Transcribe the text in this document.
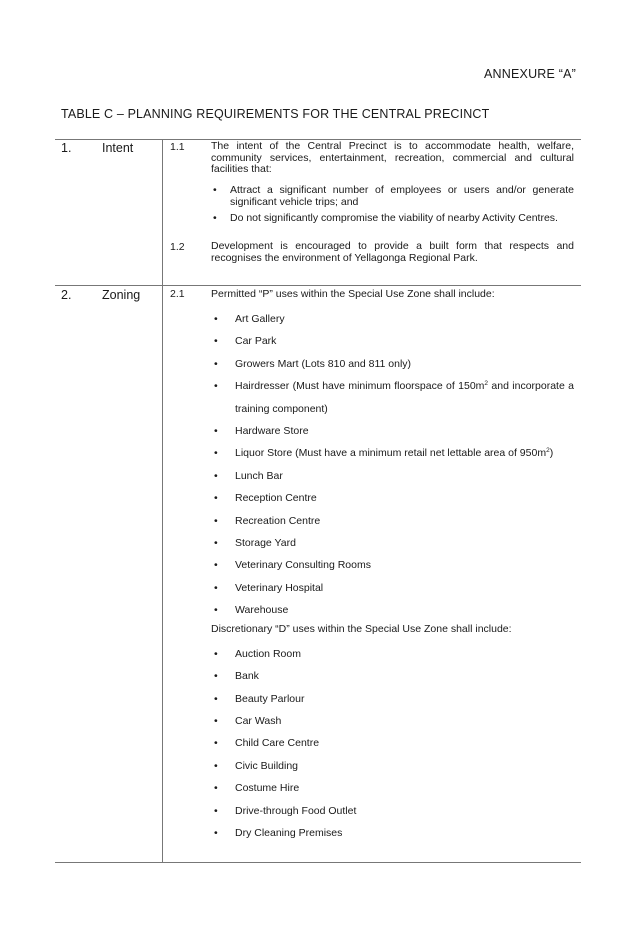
ANNEXURE “A”
TABLE C – PLANNING REQUIREMENTS FOR THE CENTRAL PRECINCT
1. Intent	1.1	The intent of the Central Precinct is to accommodate health, welfare, community services, entertainment, recreation, commercial and cultural facilities that:
• Attract a significant number of employees or users and/or generate significant vehicle trips; and
• Do not significantly compromise the viability of nearby Activity Centres.
1.2	Development is encouraged to provide a built form that respects and recognises the environment of Yellagonga Regional Park.
2. Zoning	2.1	Permitted “P” uses within the Special Use Zone shall include:
• Art Gallery
• Car Park
• Growers Mart (Lots 810 and 811 only)
• Hairdresser (Must have minimum floorspace of $150m^2$ and incorporate a training component)
• Hardware Store
• Liquor Store (Must have a minimum retail net lettable area of $950m^2$)
• Lunch Bar
• Reception Centre
• Recreation Centre
• Storage Yard
• Veterinary Consulting Rooms
• Veterinary Hospital
• Warehouse
Discretionary “D” uses within the Special Use Zone shall include:
• Auction Room
• Bank
• Beauty Parlour
• Car Wash
• Child Care Centre
• Civic Building
• Costume Hire
• Drive-through Food Outlet
• Dry Cleaning Premises
